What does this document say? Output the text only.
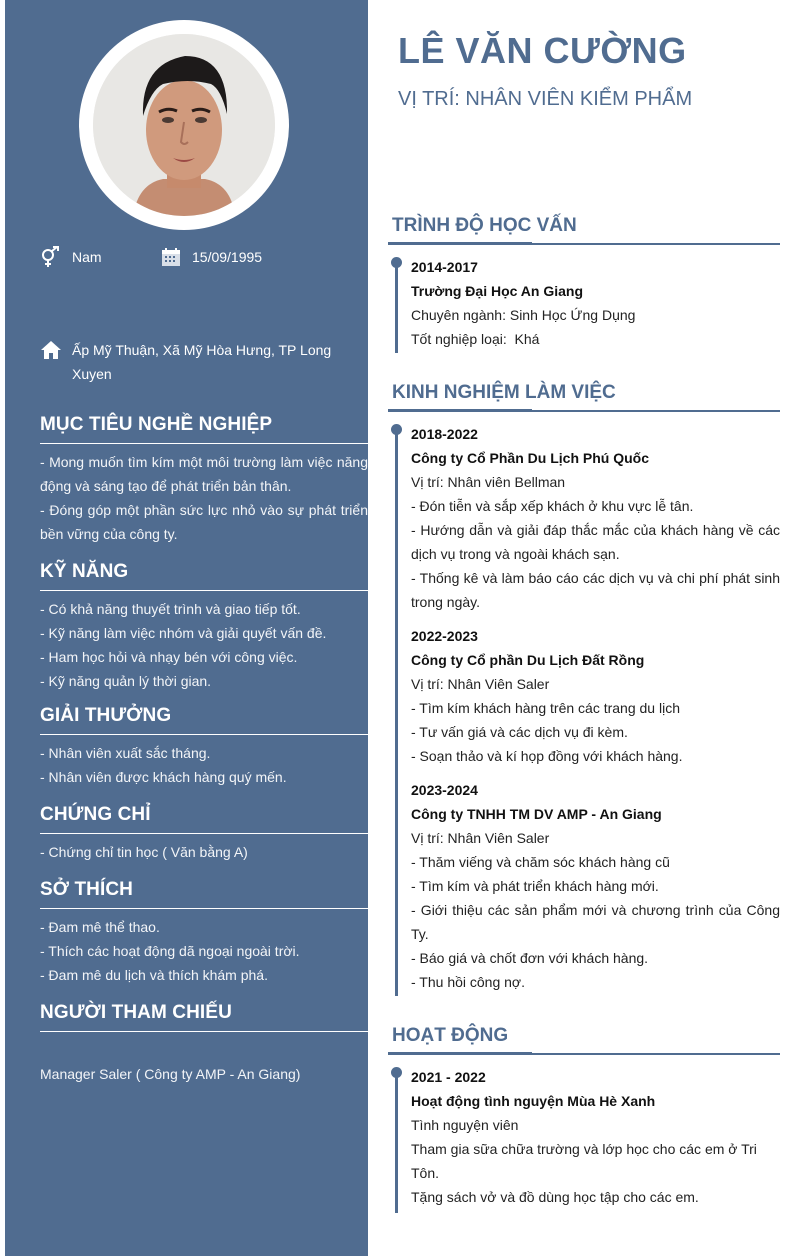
Nam	15/09/1995
Ấp Mỹ Thuận, Xã Mỹ Hòa Hưng, TP Long Xuyen
MỤC TIÊU NGHỀ NGHIỆP

- Mong muốn tìm kím một môi trường làm việc năng động và sáng tạo để phát triển bản thân.

- Đóng góp một phần sức lực nhỏ vào sự phát triển bền vững của công ty.

KỸ NĂNG

- Có khả năng thuyết trình và giao tiếp tốt.

- Kỹ năng làm việc nhóm và giải quyết vấn đề.

- Ham học hỏi và nhạy bén với công việc.

- Kỹ năng quản lý thời gian.

GIẢI THƯỞNG

- Nhân viên xuất sắc tháng.

- Nhân viên được khách hàng quý mến.

CHỨNG CHỈ

- Chứng chỉ tin học ( Văn bằng A)

SỞ THÍCH

- Đam mê thể thao.

- Thích các hoạt động dã ngoại ngoài trời.

- Đam mê du lịch và thích khám phá.

NGƯỜI THAM CHIẾU

Manager Saler ( Công ty AMP - An Giang)

LÊ VĂN CƯỜNG
VỊ TRÍ: NHÂN VIÊN KIỂM PHẨM
TRÌNH ĐỘ HỌC VẤN

2014-2017

Trường Đại Học An Giang

Chuyên ngành: Sinh Học Ứng Dụng

Tốt nghiệp loại:  Khá

KINH NGHIỆM LÀM VIỆC

2018-2022

Công ty Cổ Phần Du Lịch Phú Quốc

Vị trí: Nhân viên Bellman

- Đón tiễn và sắp xếp khách ở khu vực lễ tân.

- Hướng dẫn và giải đáp thắc mắc của khách hàng về các dịch vụ trong và ngoài khách sạn.

- Thống kê và làm báo cáo các dịch vụ và chi phí phát sinh trong ngày.

2022-2023

Công ty Cổ phần Du Lịch Đất Rồng

Vị trí: Nhân Viên Saler

- Tìm kím khách hàng trên các trang du lịch

- Tư vấn giá và các dịch vụ đi kèm.

- Soạn thảo và kí họp đồng với khách hàng.

2023-2024

Công ty TNHH TM DV AMP - An Giang

Vị trí: Nhân Viên Saler

- Thăm viếng và chăm sóc khách hàng cũ

- Tìm kím và phát triển khách hàng mới.

- Giới thiệu các sản phẩm mới và chương trình của Công Ty.

- Báo giá và chốt đơn với khách hàng.

- Thu hồi công nợ.

HOẠT ĐỘNG

2021 - 2022

Hoạt động tình nguyện Mùa Hè Xanh

Tình nguyện viên

Tham gia sữa chữa trường và lớp học cho các em ở Tri Tôn.

Tặng sách vở và đồ dùng học tập cho các em.
